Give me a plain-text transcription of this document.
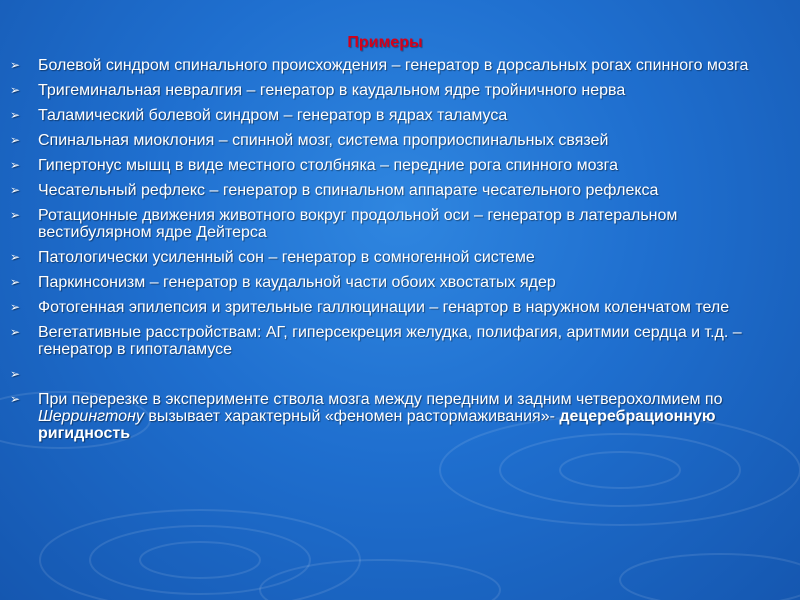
Примеры
➢ Болевой синдром спинального происхождения – генератор в дорсальных рогах спинного мозга
➢ Тригеминальная невралгия – генератор в каудальном ядре тройничного нерва
➢ Таламический болевой синдром – генератор в ядрах таламуса
➢ Спинальная миоклония – спинной мозг, система проприоспинальных связей
➢ Гипертонус мышц в виде местного столбняка – передние рога спинного мозга
➢ Чесательный рефлекс – генератор в спинальном аппарате чесательного рефлекса
➢ Ротационные движения животного вокруг продольной оси – генератор в латеральном вестибулярном ядре Дейтерса
➢ Патологически усиленный сон – генератор в сомногенной системе
➢ Паркинсонизм – генератор в каудальной части обоих хвостатых ядер
➢ Фотогенная эпилепсия и зрительные галлюцинации – генартор в наружном коленчатом теле
➢ Вегетативные расстройствам: АГ, гиперсекреция желудка, полифагия, аритмии сердца и т.д. –генератор в гипоталамусе
➢
➢ При перерезке в эксперименте ствола мозга между передним и задним четверохолмием по Шеррингтону вызывает характерный «феномен растормаживания»- децеребрационную ригидность
